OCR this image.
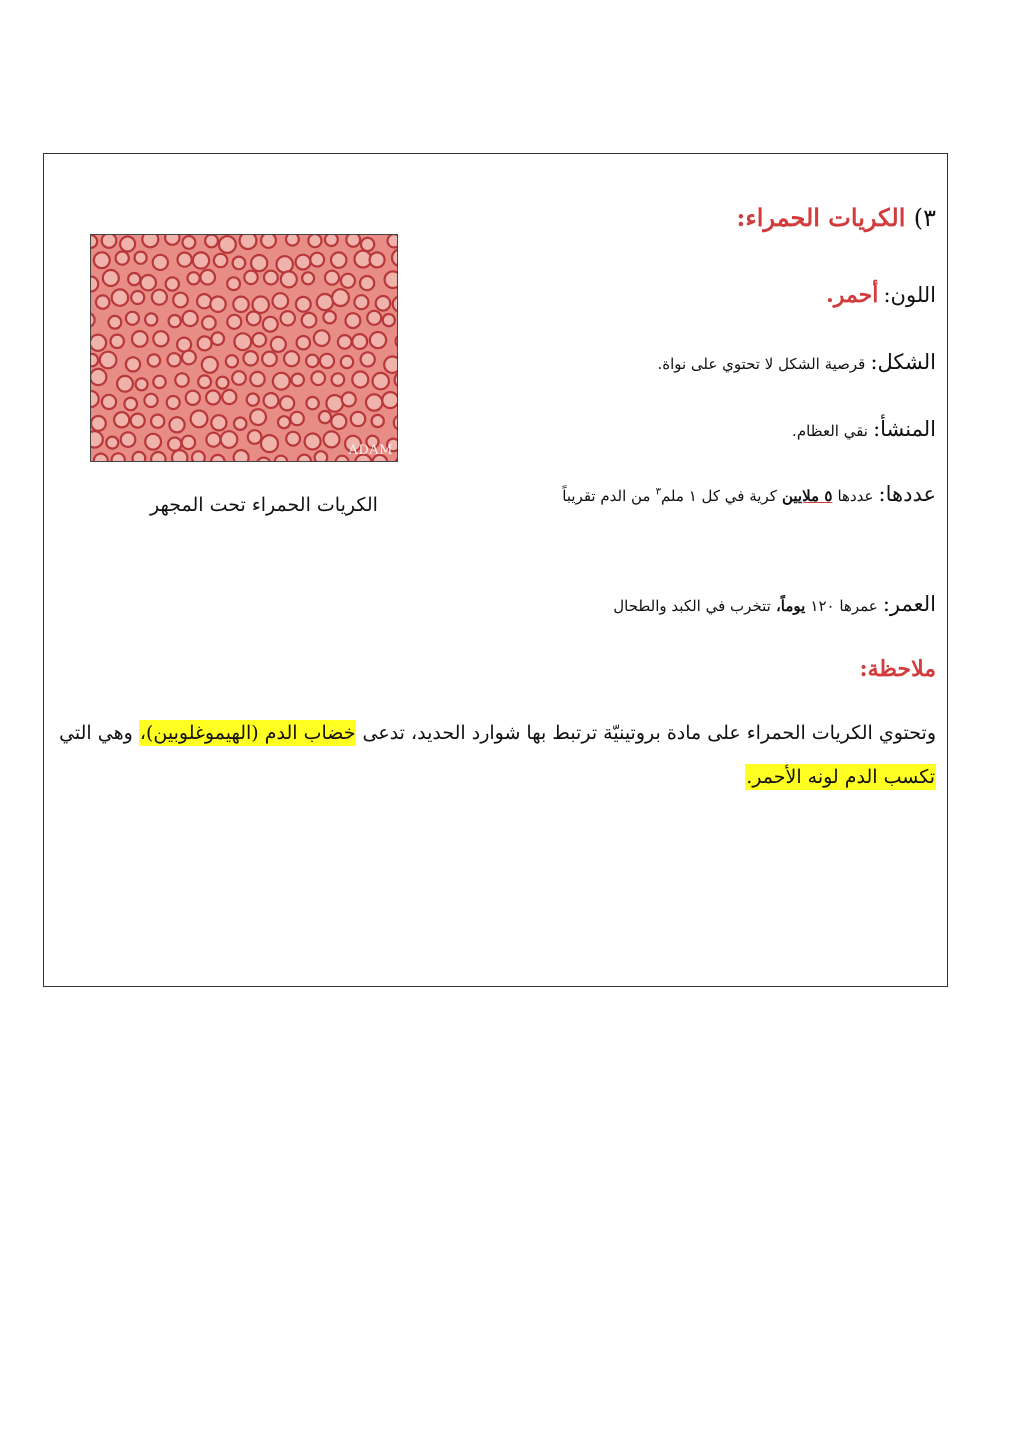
٣) الكريات الحمراء:
اللون: أحمر.
الشكل: قرصية الشكل لا تحتوي على نواة.
المنشأ: نقي العظام.
عددها: عددها ٥ ملايين كرية في كل ١ ملم$^٣$ من الدم تقريباً
العمر: عمرها ١٢٠ يوماً، تتخرب في الكبد والطحال
ملاحظة:
وتحتوي الكريات الحمراء على مادة بروتينيّة ترتبط بها شوارد الحديد، تدعى خضاب الدم (الهيموغلوبين)، وهي التي
تكسب الدم لونه الأحمر.
ADAM
الكريات الحمراء تحت المجهر
